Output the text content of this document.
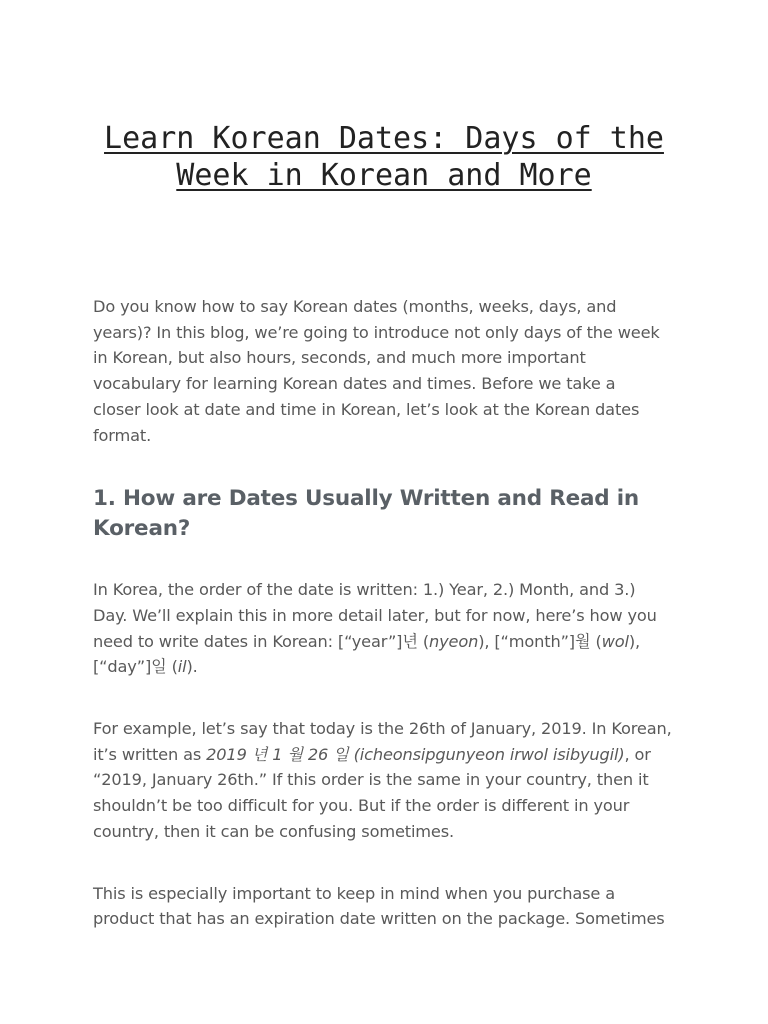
Learn Korean Dates: Days of the
Week in Korean and More

Do you know how to say Korean dates (months, weeks, days, and
years)? In this blog, we’re going to introduce not only days of the week
in Korean, but also hours, seconds, and much more important
vocabulary for learning Korean dates and times. Before we take a
closer look at date and time in Korean, let’s look at the Korean dates
format.

1. How are Dates Usually Written and Read in
Korean?

In Korea, the order of the date is written: 1.) Year, 2.) Month, and 3.)
Day. We’ll explain this in more detail later, but for now, here’s how you
need to write dates in Korean: [“year”]년 (nyeon), [“month”]월 (wol),
[“day”]일 (il).

For example, let’s say that today is the 26th of January, 2019. In Korean,
it’s written as 2019 년 1 월 26 일 (icheonsipgunyeon irwol isibyugil), or
“2019, January 26th.” If this order is the same in your country, then it
shouldn’t be too difficult for you. But if the order is different in your
country, then it can be confusing sometimes.

This is especially important to keep in mind when you purchase a
product that has an expiration date written on the package. Sometimes
